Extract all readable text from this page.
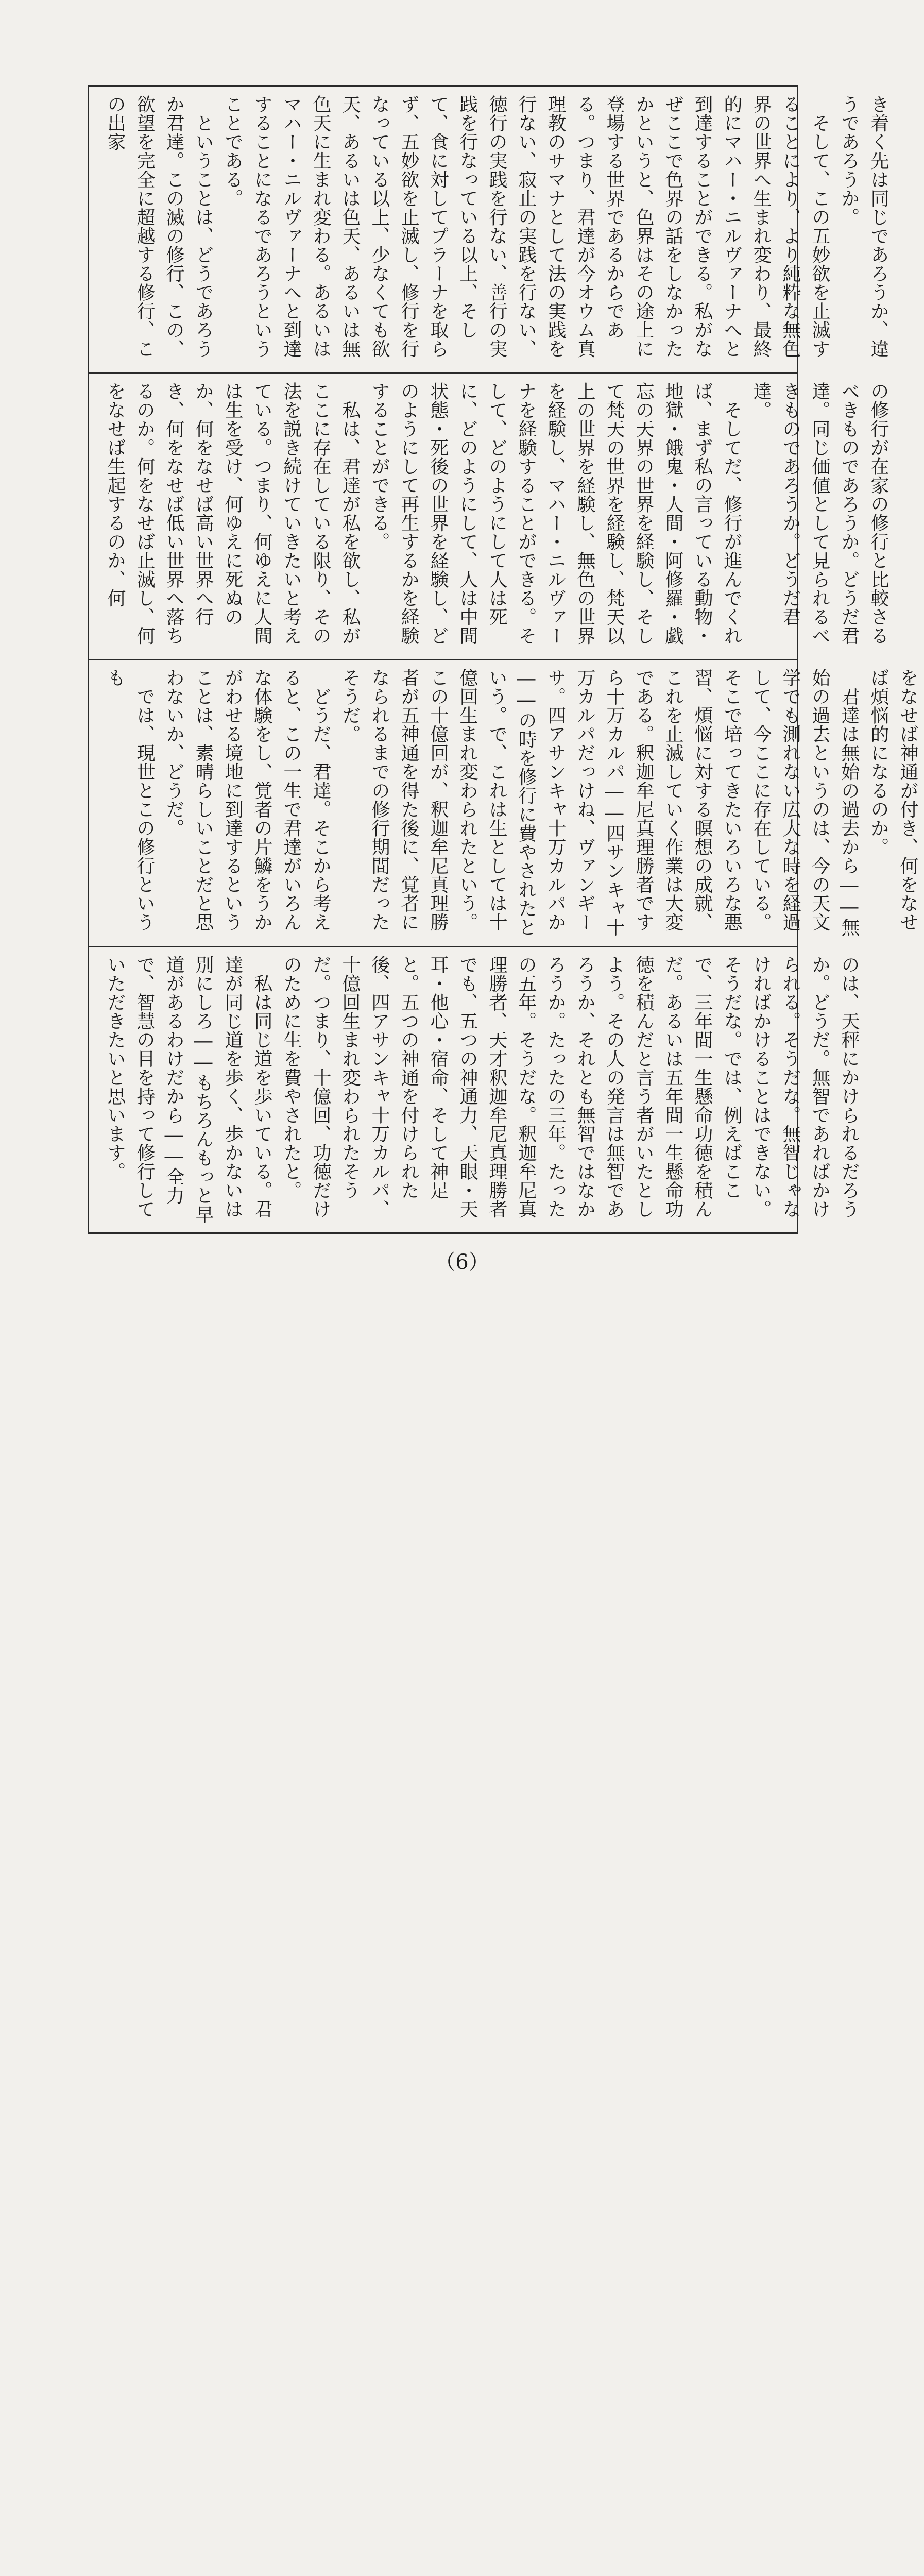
き着く先は同じであろうか、違うであろうか。
　そして、この五妙欲を止滅することにより、より純粋な無色界の世界へ生まれ変わり、最終的にマハー・ニルヴァーナへと到達することができる。私がなぜここで色界の話をしなかったかというと、色界はその途上に登場する世界であるからである。つまり、君達が今オウム真理教のサマナとして法の実践を行ない、寂止の実践を行ない、徳行の実践を行ない、善行の実践を行なっている以上、そして、食に対してプラーナを取らず、五妙欲を止滅し、修行を行なっている以上、少なくても欲天、あるいは色天、あるいは無色天に生まれ変わる。あるいはマハー・ニルヴァーナへと到達することになるであろうということである。
　ということは、どうであろうか君達。この滅の修行、この、欲望を完全に超越する修行、この出家
の修行が在家の修行と比較さるべきものであろうか。どうだ君達。同じ価値として見られるべきものであろうか。どうだ君達。
　そしてだ、修行が進んでくれば、まず私の言っている動物・地獄・餓鬼・人間・阿修羅・戯忘の天界の世界を経験し、そして梵天の世界を経験し、梵天以上の世界を経験し、無色の世界を経験し、マハー・ニルヴァーナを経験することができる。そして、どのようにして人は死に、どのようにして、人は中間状態・死後の世界を経験し、どのようにして再生するかを経験することができる。
　私は、君達が私を欲し、私がここに存在している限り、その法を説き続けていきたいと考えている。つまり、何ゆえに人間は生を受け、何ゆえに死ぬのか、何をなせば高い世界へ行き、何をなせば低い世界へ落ちるのか。何をなせば止滅し、何をなせば生起するのか、何
をなせば神通が付き、何をなせば煩悩的になるのか。
　君達は無始の過去から――無始の過去というのは、今の天文学でも測れない広大な時を経過して、今ここに存在している。そこで培ってきたいろいろな悪習、煩悩に対する瞑想の成就、これを止滅していく作業は大変である。釈迦牟尼真理勝者ですら十万カルパ――四サンキャ十万カルパだっけね、ヴァンギーサ。四アサンキャ十万カルパか――の時を修行に費やされたという。で、これは生としては十億回生まれ変わられたという。この十億回が、釈迦牟尼真理勝者が五神通を得た後に、覚者になられるまでの修行期間だったそうだ。
　どうだ、君達。そこから考えると、この一生で君達がいろんな体験をし、覚者の片鱗をうかがわせる境地に到達するということは、素晴らしいことだと思わないか、どうだ。
　では、現世とこの修行というも
のは、天秤にかけられるだろうか。どうだ。無智であればかけられる。そうだな。無智じゃなければかけることはできない。そうだな。では、例えばここで、三年間一生懸命功徳を積んだ。あるいは五年間一生懸命功徳を積んだと言う者がいたとしよう。その人の発言は無智であろうか、それとも無智ではなかろうか。たったの三年。たったの五年。そうだな。釈迦牟尼真理勝者、天才釈迦牟尼真理勝者でも、五つの神通力、天眼・天耳・他心・宿命、そして神足と。五つの神通を付けられた後、四アサンキャ十万カルパ、十億回生まれ変わられたそうだ。つまり、十億回、功徳だけのために生を費やされたと。
　私は同じ道を歩いている。君達が同じ道を歩く、歩かないは別にしろ――もちろんもっと早道があるわけだから――全力で、智慧の目を持って修行していただきたいと思います。
（6）
